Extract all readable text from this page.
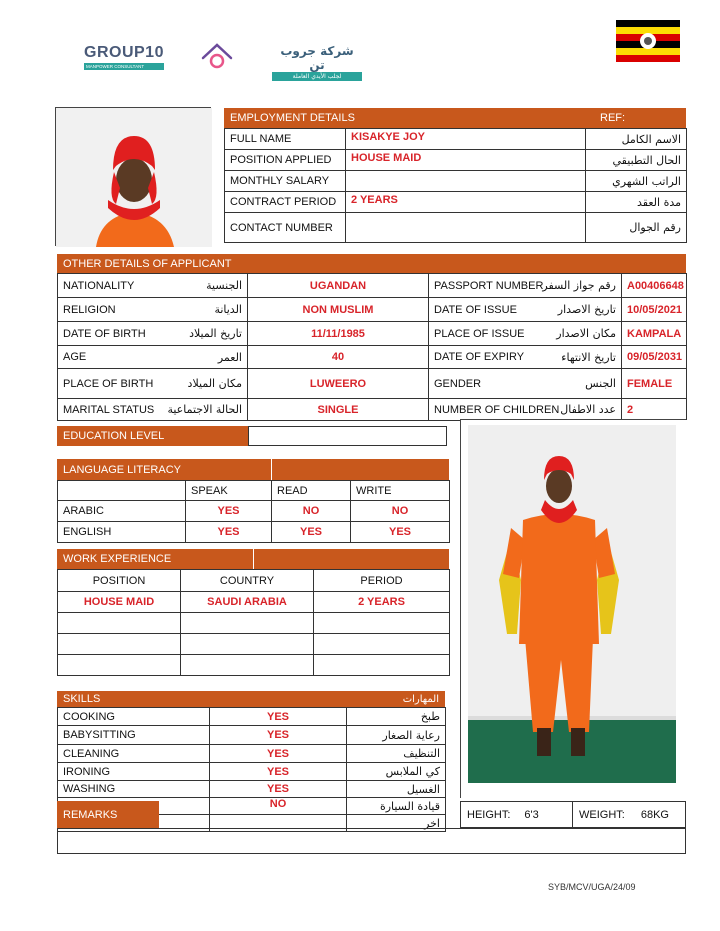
GROUP10
MANPOWER CONSULTANT
شركة جروب تن
لجلب الأيدي العاملة
EMPLOYMENT DETAILS	REF:
FULL NAME	KISAKYE JOY	الاسم الكامل
POSITION APPLIED	HOUSE MAID	الحال التطبيقي
MONTHLY SALARY		الراتب الشهري
CONTRACT PERIOD	2 YEARS	مدة العقد
CONTACT NUMBER		رقم الجوال
OTHER DETAILS OF APPLICANT
NATIONALITY	الجنسية	UGANDAN	PASSPORT NUMBER	رقم جواز السفر	A00406648
RELIGION	الديانة	NON MUSLIM	DATE OF ISSUE	تاريخ الاصدار	10/05/2021
DATE OF BIRTH	تاريخ الميلاد	11/11/1985	PLACE OF ISSUE	مكان الاصدار	KAMPALA
AGE	العمر	40	DATE OF EXPIRY	تاريخ الانتهاء	09/05/2031
PLACE OF BIRTH	مكان الميلاد	LUWEERO	GENDER	الجنس	FEMALE
MARITAL STATUS	الحالة الاجتماعية	SINGLE	NUMBER OF CHILDREN	عدد الاطفال	2
EDUCATION LEVEL
LANGUAGE LITERACY
	SPEAK	READ	WRITE
ARABIC	YES	NO	NO
ENGLISH	YES	YES	YES
WORK EXPERIENCE
POSITION	COUNTRY	PERIOD
HOUSE MAID	SAUDI ARABIA	2 YEARS

SKILLS	المهارات
COOKING	YES	طبخ
BABYSITTING	YES	رعاية الصغار
CLEANING	YES	التنظيف
IRONING	YES	كي الملابس
WASHING	YES	الغسيل
	NO	قيادة السيارة
		اخر
REMARKS	HEIGHT: 6'3	WEIGHT: 68KG
SYB/MCV/UGA/24/09
